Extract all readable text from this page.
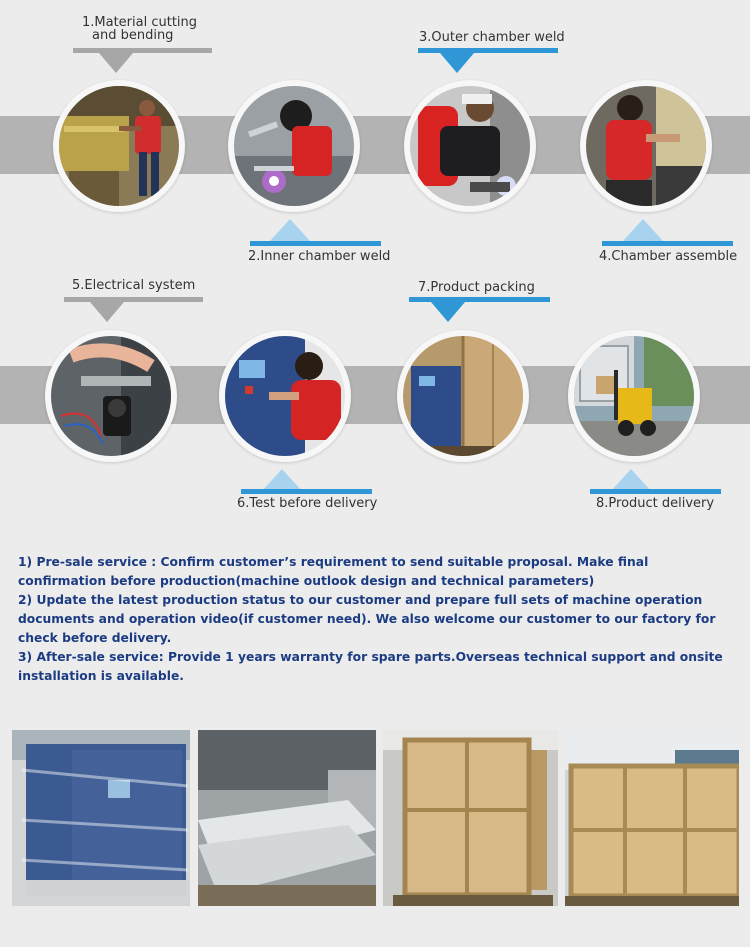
1.Material cutting
and bending
2.Inner chamber weld
3.Outer chamber weld
4.Chamber assemble
5.Electrical system
6.Test before delivery
7.Product packing
8.Product delivery

1) Pre-sale service : Confirm customer’s requirement to send suitable proposal. Make final confirmation before production(machine outlook design and technical parameters)

2) Update the latest production status to our customer and prepare full sets of machine operation documents and operation video(if customer need). We also welcome our customer to our factory for check before delivery.

3) After-sale service: Provide 1 years warranty for spare parts.Overseas technical support and onsite installation is available.
